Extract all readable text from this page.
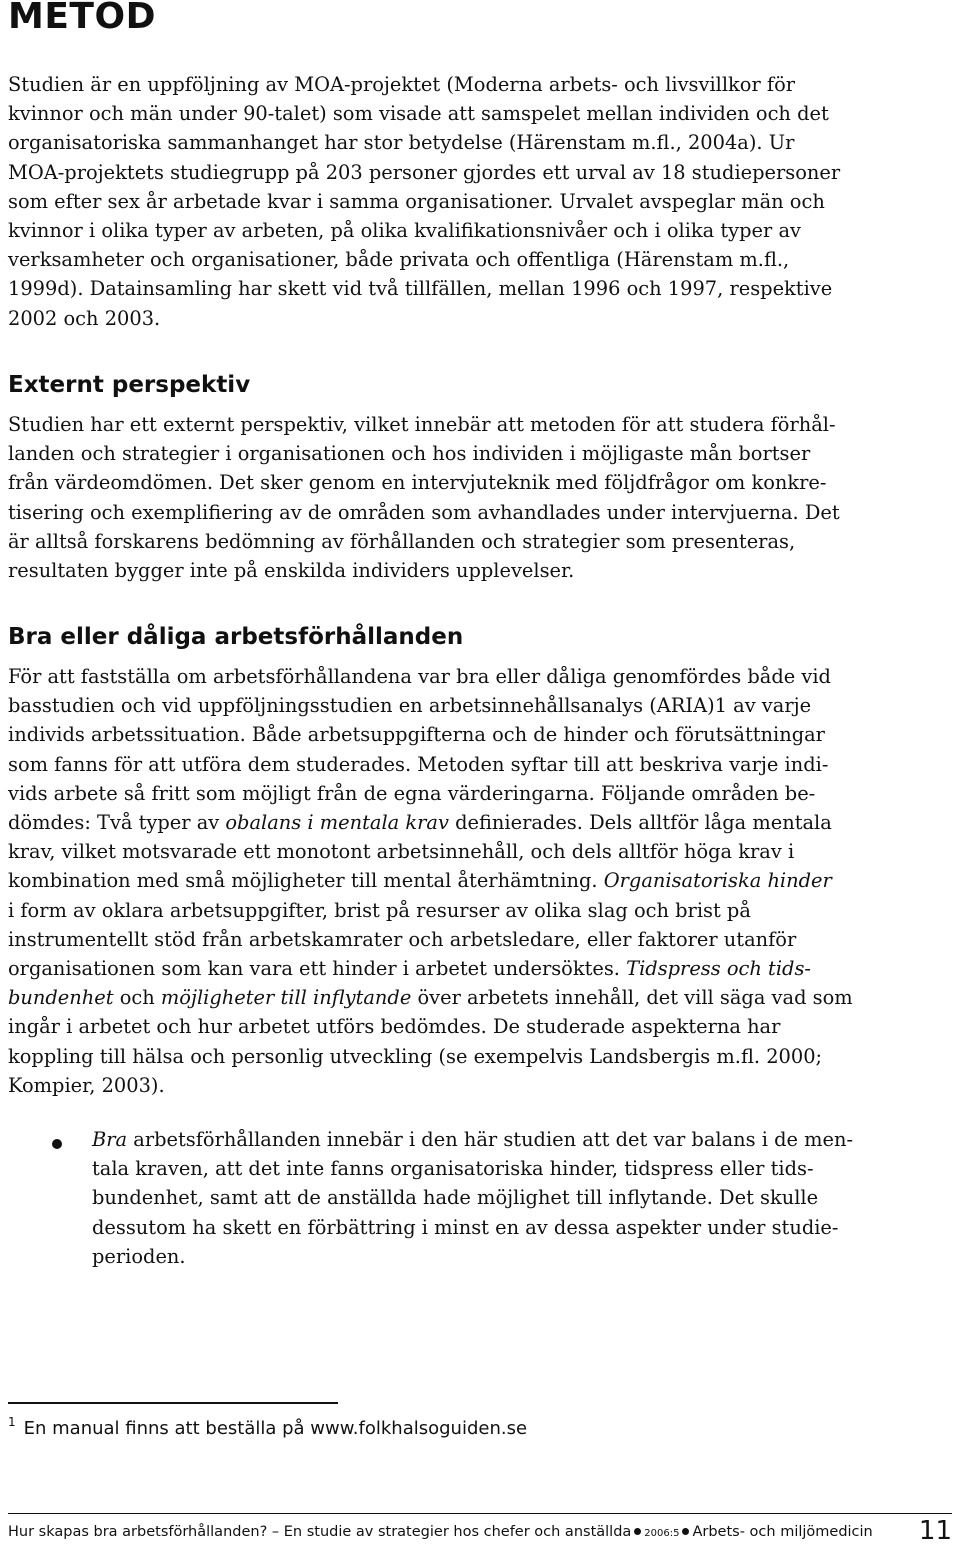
METOD
Studien är en uppföljning av MOA-projektet (Moderna arbets- och livsvillkor för
kvinnor och män under 90-talet) som visade att samspelet mellan individen och det
organisatoriska sammanhanget har stor betydelse (Härenstam m.fl., 2004a). Ur
MOA-projektets studiegrupp på 203 personer gjordes ett urval av 18 studiepersoner
som efter sex år arbetade kvar i samma organisationer. Urvalet avspeglar män och
kvinnor i olika typer av arbeten, på olika kvalifikationsnivåer och i olika typer av
verksamheter och organisationer, både privata och offentliga (Härenstam m.fl.,
1999d). Datainsamling har skett vid två tillfällen, mellan 1996 och 1997, respektive
2002 och 2003.
Externt perspektiv
Studien har ett externt perspektiv, vilket innebär att metoden för att studera förhål-
landen och strategier i organisationen och hos individen i möjligaste mån bortser
från värdeomdömen. Det sker genom en intervjuteknik med följdfrågor om konkre-
tisering och exemplifiering av de områden som avhandlades under intervjuerna. Det
är alltså forskarens bedömning av förhållanden och strategier som presenteras,
resultaten bygger inte på enskilda individers upplevelser.
Bra eller dåliga arbetsförhållanden
För att fastställa om arbetsförhållandena var bra eller dåliga genomfördes både vid
basstudien och vid uppföljningsstudien en arbetsinnehållsanalys (ARIA)1 av varje
individs arbetssituation. Både arbetsuppgifterna och de hinder och förutsättningar
som fanns för att utföra dem studerades. Metoden syftar till att beskriva varje indi-
vids arbete så fritt som möjligt från de egna värderingarna. Följande områden be-
dömdes: Två typer av obalans i mentala krav definierades. Dels alltför låga mentala
krav, vilket motsvarade ett monotont arbetsinnehåll, och dels alltför höga krav i
kombination med små möjligheter till mental återhämtning. Organisatoriska hinder
i form av oklara arbetsuppgifter, brist på resurser av olika slag och brist på
instrumentellt stöd från arbetskamrater och arbetsledare, eller faktorer utanför
organisationen som kan vara ett hinder i arbetet undersöktes. Tidspress och tids-
bundenhet och möjligheter till inflytande över arbetets innehåll, det vill säga vad som
ingår i arbetet och hur arbetet utförs bedömdes. De studerade aspekterna har
koppling till hälsa och personlig utveckling (se exempelvis Landsbergis m.fl. 2000;
Kompier, 2003).
Bra arbetsförhållanden innebär i den här studien att det var balans i de men-
tala kraven, att det inte fanns organisatoriska hinder, tidspress eller tids-
bundenhet, samt att de anställda hade möjlighet till inflytande. Det skulle
dessutom ha skett en förbättring i minst en av dessa aspekter under studie-
perioden.

$^1$ En manual finns att beställa på www.folkhalsoguiden.se

Hur skapas bra arbetsförhållanden? – En studie av strategier hos chefer och anställda 2006:5 Arbets- och miljömedicin 11
